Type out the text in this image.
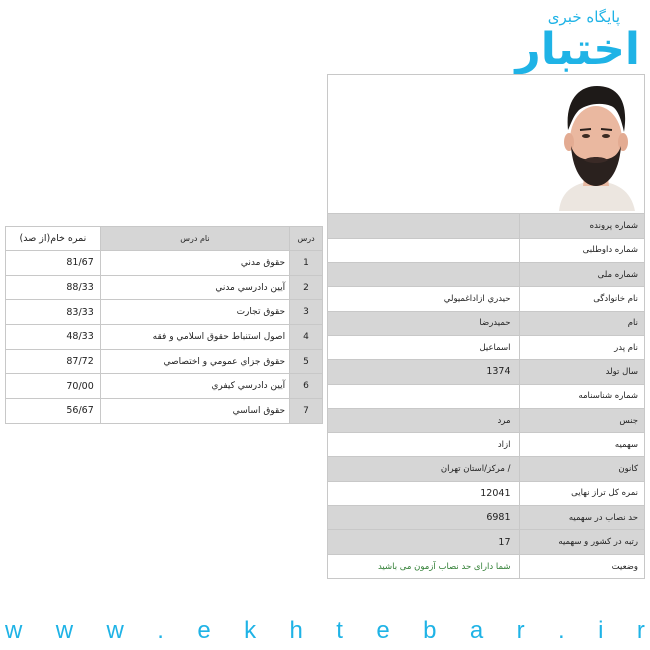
پایگاه خبری
اختبار
درس	نام درس	نمره خام(از صد)
1	حقوق مدني	81/67
2	آيين دادرسي مدني	88/33
3	حقوق تجارت	83/33
4	اصول استنباط حقوق اسلامي و فقه	48/33
5	حقوق جزاي عمومي و اختصاصي	87/72
6	آيين دادرسي كيفري	70/00
7	حقوق اساسي	56/67
شماره پرونده	
شماره داوطلبی	
شماره ملی	
نام خانوادگی	حيدري ازاداغميولي
نام	حميدرضا
نام پدر	اسماعيل
سال تولد	1374
شماره شناسنامه	
جنس	مرد
سهمیه	ازاد
کانون	/ مرکز/استان تهران
نمره کل تراز نهایی	12041
حد نصاب در سهمیه	6981
رتبه در کشور و سهمیه	17
وضعیت	شما دارای حد نصاب آزمون می باشید
w w w . e k h t e b a r . i r
